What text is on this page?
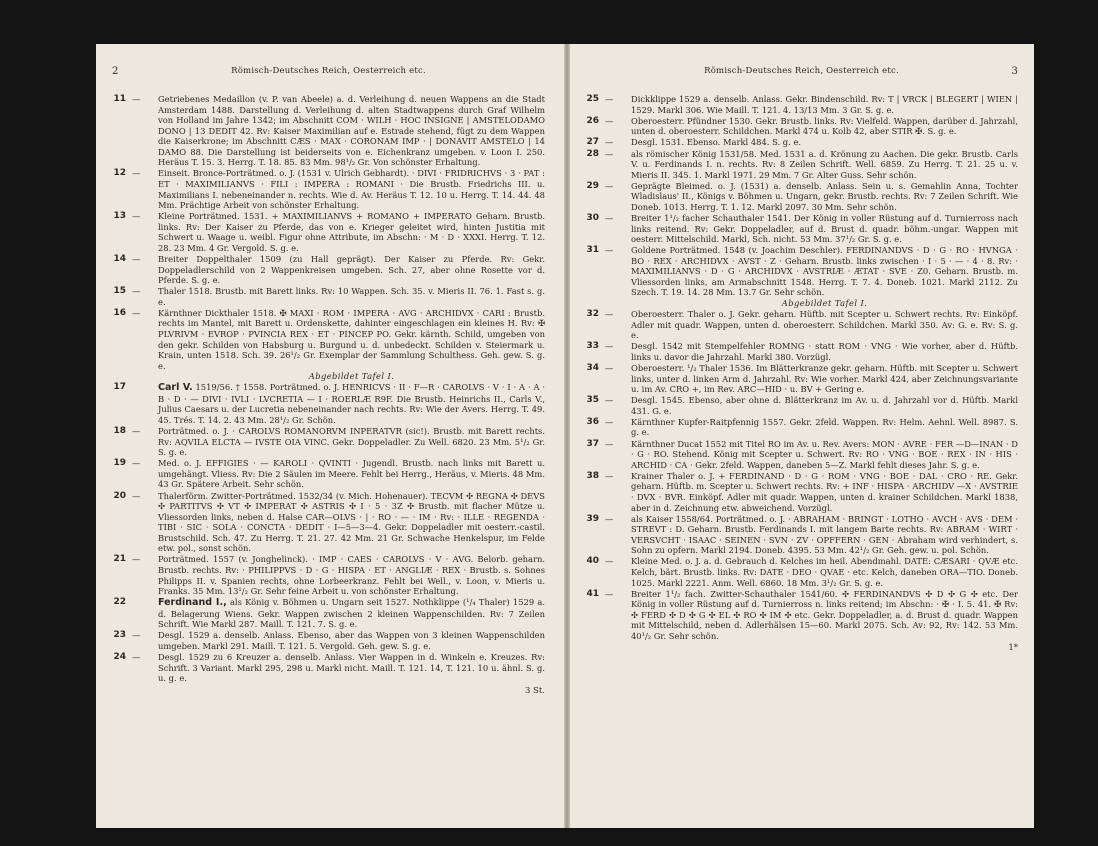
2	Römisch-Deutsches Reich, Oesterreich etc.
11 — Getriebenes Medaillon (v. P. van Abeele) a. d. Verleihung d. neuen Wappens an die Stadt Amsterdam 1488. Darstellung d. Verleihung d. alten Stadtwappens durch Graf Wilhelm von Holland im Jahre 1342; im Abschnitt COM · WILH · HOC INSIGNE | AMSTELODAMO DONO | 13 DEDIT 42. Rv: Kaiser Maximilian auf e. Estrade stehend, fügt zu dem Wappen die Kaiserkrone; im Abschnitt CÆS · MAX · CORONAM IMP · | DONAVIT AMSTELO | 14 DAMO 88. Die Darstellung ist beiderseits von e. Eichenkranz umgeben. v. Loon I. 250. Heräus T. 15. 3. Herrg. T. 18. 85. 83 Mm. 98¹/₂ Gr. Von schönster Erhaltung.
12 — Einseit. Bronce-Porträtmed. o. J. (1531 v. Ulrich Gebhardt). · DIVI · FRIDRICHVS · 3 · PAT : ET · MAXIMILIANVS · FILI : IMPERA : ROMANI · Die Brustb. Friedrichs III. u. Maximilians I. nebeneinander n. rechts. Wie d. Av. Heräus T. 12. 10 u. Herrg. T. 14. 44. 48 Mm. Prächtige Arbeit von schönster Erhaltung.
13 — Kleine Porträtmed. 1531. + MAXIMILIANVS + ROMANO + IMPERATO Geharn. Brustb. links. Rv: Der Kaiser zu Pferde, das von e. Krieger geleitet wird, hinten Justitia mit Schwert u. Waage u. weibl. Figur ohne Attribute, im Abschn: · M · D · XXXI. Herrg. T. 12. 28. 23 Mm. 4 Gr. Vergold. S. g. e.
14 — Breiter Doppelthaler 1509 (zu Hall geprägt). Der Kaiser zu Pferde. Rv: Gekr. Doppeladlerschild von 2 Wappenkreisen umgeben. Sch. 27, aber ohne Rosette vor d. Pferde. S. g. e.
15 — Thaler 1518. Brustb. mit Barett links. Rv: 10 Wappen. Sch. 35. v. Mieris II. 76. 1. Fast s. g. e.
16 — Kärnthner Dickthaler 1518. ✠ MAXI · ROM · IMPERA · AVG · ARCHIDVX · CARI : Brustb. rechts im Mantel, mit Barett u. Ordenskette, dahinter eingeschlagen ein kleines H. Rv: ✠ PLVRIVM · EVROP · PVINCIA REX · ET · PINCEP PO. Gekr. kärnth. Schild, umgeben von den gekr. Schilden von Habsburg u. Burgund u. d. unbedeckt. Schilden v. Steiermark u. Krain, unten 1518. Sch. 39. 26¹/₂ Gr. Exemplar der Sammlung Schulthess. Geh. gew. S. g. e.
Abgebildet Tafel I.
17	Carl V. 1519/56. † 1558. Porträtmed. o. J. HENRICVS · II · F—R · CAROLVS · V · I · A · A · B · D · — DIVI · IVLI · LVCRETIA — I · ROERLÆ R9F. Die Brustb. Heinrichs II., Carls V., Julius Caesars u. der Lucretia nebeneinander nach rechts. Rv: Wie der Avers. Herrg. T. 49. 45. Trés. T. 14. 2. 43 Mm. 28¹/₂ Gr. Schön.
18 — Porträtmed. o. J. · CAROLVS ROMANORVM INPERATVR (sic!). Brustb. mit Barett rechts. Rv: AQVILA ELCTA — IVSTE OIA VINC. Gekr. Doppeladler. Zu Well. 6820. 23 Mm. 5¹/₂ Gr. S. g. e.
19 — Med. o. J. EFFIGIES · — KAROLI · QVINTI · Jugendl. Brustb. nach links mit Barett u. umgehängt. Vliess. Rv: Die 2 Säulen im Meere. Fehlt bei Herrg., Heräus, v. Mieris. 48 Mm. 43 Gr. Spätere Arbeit. Sehr schön.
20 — Thalerförm. Zwitter-Porträtmed. 1532/34 (v. Mich. Hohenauer). TECVM ✣ REGNA ✣ DEVS ✣ PARTITVS ✣ VT ✣ IMPERAT ✣ ASTRIS ✣ I · 5 · 3Z ✣ Brustb. mit flacher Mütze u. Vliessorden links, neben d. Halse CAR—OLVS · | · RO · — · IM · Rv: · ILLE · REGENDA · TIBI · SIC · SOLA · CONCTA · DEDIT · I—5—3—4. Gekr. Doppeladler mit oesterr.-castil. Brustschild. Sch. 47. Zu Herrg. T. 21. 27. 42 Mm. 21 Gr. Schwache Henkelspur, im Felde etw. pol., sonst schön.
21 — Porträtmed. 1557 (v. Jonghelinck). · IMP · CAES · CAROLVS · V · AVG. Belorb. geharn. Brustb. rechts. Rv: · PHILIPPVS · D · G · HISPA · ET · ANGLIÆ · REX · Brustb. s. Sohnes Philipps II. v. Spanien rechts, ohne Lorbeerkranz. Fehlt bei Well., v. Loon, v. Mieris u. Franks. 35 Mm. 13¹/₂ Gr. Sehr feine Arbeit u. von schönster Erhaltung.
22	Ferdinand I., als König v. Böhmen u. Ungarn seit 1527. Nothklippe (¹/₄ Thaler) 1529 a. d. Belagerung Wiens. Gekr. Wappen zwischen 2 kleinen Wappenschilden. Rv: 7 Zeilen Schrift. Wie Markl 287. Maill. T. 121. 7. S. g. e.
23 — Desgl. 1529 a. denselb. Anlass. Ebenso, aber das Wappen von 3 kleinen Wappenschilden umgeben. Markl 291. Maill. T. 121. 5. Vergold. Geh. gew. S. g. e.
24 — Desgl. 1529 zu 6 Kreuzer a. denselb. Anlass. Vier Wappen in d. Winkeln e. Kreuzes. Rv: Schrift. 3 Variant. Markl 295, 298 u. Markl nicht. Maill. T. 121. 14, T. 121. 10 u. ähnl. S. g. u. g. e.
3 St.
Römisch-Deutsches Reich, Oesterreich etc.	3
25 — Dickklippe 1529 a. denselb. Anlass. Gekr. Bindenschild. Rv: T | VRCK | BLEGERT | WIEN | 1529. Markl 306. Wie Maill. T. 121. 4. 13/13 Mm. 3 Gr. S. g. e.
26 — Oberoesterr. Pfündner 1530. Gekr. Brustb. links. Rv: Vielfeld. Wappen, darüber d. Jahrzahl, unten d. oberoesterr. Schildchen. Markl 474 u. Kolb 42, aber STIR ✠. S. g. e.
27 — Desgl. 1531. Ebenso. Markl 484. S. g. e.
28 — als römischer König 1531/58. Med. 1531 a. d. Krönung zu Aachen. Die gekr. Brustb. Carls V. u. Ferdinands I. n. rechts. Rv: 8 Zeilen Schrift. Well. 6859. Zu Herrg. T. 21. 25 u. v. Mieris II. 345. 1. Markl 1971. 29 Mm. 7 Gr. Alter Guss. Sehr schön.
29 — Geprägte Bleimed. o. J. (1531) a. denselb. Anlass. Sein u. s. Gemahlin Anna, Tochter Wladislaus' II., Königs v. Böhmen u. Ungarn, gekr. Brustb. rechts. Rv: 7 Zeilen Schrift. Wie Doneb. 1013. Herrg. T. 1. 12. Markl 2097. 30 Mm. Sehr schön.
30 — Breiter 1¹/₂ facher Schauthaler 1541. Der König in voller Rüstung auf d. Turnierross nach links reitend. Rv: Gekr. Doppeladler, auf d. Brust d. quadr. böhm.-ungar. Wappen mit oesterr. Mittelschild. Markl, Sch. nicht. 53 Mm. 37¹/₂ Gr. S. g. e.
31 — Goldene Porträtmed. 1548 (v. Joachim Deschler). FERDINANDVS · D · G · RO · HVNGA · BO · REX · ARCHIDVX · AVST · Z · Geharn. Brustb. links zwischen · I · 5 · — · 4 · 8. Rv: · MAXIMILIANVS · D · G · ARCHIDVX · AVSTRIÆ · ÆTAT · SVE · Z0. Geharn. Brustb. m. Vliessorden links, am Armabschnitt 1548. Herrg. T. 7. 4. Doneb. 1021. Markl 2112. Zu Szech. T. 19. 14. 28 Mm. 13.7 Gr. Sehr schön.
Abgebildet Tafel I.
32 — Oberoesterr. Thaler o. J. Gekr. geharn. Hüftb. mit Scepter u. Schwert rechts. Rv: Einköpf. Adler mit quadr. Wappen, unten d. oberoesterr. Schildchen. Markl 350. Av: G. e. Rv: S. g. e.
33 — Desgl. 1542 mit Stempelfehler ROMNG · statt ROM · VNG · Wie vorher, aber d. Hüftb. links u. davor die Jahrzahl. Markl 380. Vorzügl.
34 — Oberoesterr. ¹/₂ Thaler 1536. Im Blätterkranze gekr. geharn. Hüftb. mit Scepter u. Schwert links, unter d. linken Arm d. Jahrzahl. Rv: Wie vorher. Markl 424, aber Zeichnungsvariante u. im Av. CRO +, im Rev. ARC—HID · u. BV + Gering e.
35 — Desgl. 1545. Ebenso, aber ohne d. Blätterkranz im Av. u. d. Jahrzahl vor d. Hüftb. Markl 431. G. e.
36 — Kärnthner Kupfer-Raitpfennig 1557. Gekr. 2feld. Wappen. Rv: Helm. Aehnl. Well. 8987. S. g. e.
37 — Kärnthner Ducat 1552 mit Titel RO im Av. u. Rev. Avers: MON · AVRE · FER —D—INAN · D · G · RO. Stehend. König mit Scepter u. Schwert. Rv: RO · VNG · BOE · REX · IN · HIS · ARCHID · CA · Gekr. 2feld. Wappen, daneben 5—Z. Markl fehlt dieses Jahr. S. g. e.
38 — Krainer Thaler o. J. + FERDINAND · D · G · ROM · VNG · BOE · DAL · CRO · RE. Gekr. geharn. Hüftb. m. Scepter u. Schwert rechts. Rv: + INF · HISPA · ARCHIDV —X · AVSTRIE · DVX · BVR. Einköpf. Adler mit quadr. Wappen, unten d. krainer Schildchen. Markl 1838, aber in d. Zeichnung etw. abweichend. Vorzügl.
39 — als Kaiser 1558/64. Porträtmed. o. J. · ABRAHAM · BRINGT · LOTHO · AVCH · AVS · DEM · STREVT : D. Geharn. Brustb. Ferdinands I. mit langem Barte rechts. Rv: ABRAM · WIRT · VERSVCHT · ISAAC · SEINEN · SVN · ZV · OPFFERN · GEN · Abraham wird verhindert, s. Sohn zu opfern. Markl 2194. Doneb. 4395. 53 Mm. 42¹/₂ Gr. Geh. gew. u. pol. Schön.
40 — Kleine Med. o. J. a. d. Gebrauch d. Kelches im heil. Abendmahl. DATE: CÆSARI · QVÆ etc. Kelch, bärt. Brustb. links. Rv: DATE · DEO · QVAE · etc. Kelch, daneben ORA—TIO. Doneb. 1025. Markl 2221. Anm. Well. 6860. 18 Mm. 3¹/₂ Gr. S. g. e.
41 — Breiter 1¹/₂ fach. Zwitter-Schauthaler 1541/60. ✣ FERDINANDVS ✣ D ✣ G ✣ etc. Der König in voller Rüstung auf d. Turnierross n. links reitend; im Abschn: · ✠ · I. 5. 41. ✠ Rv: ✣ FERD ✣ D ✣ G ✣ EL ✣ RO ✣ IM ✣ etc. Gekr. Doppeladler, a. d. Brust d. quadr. Wappen mit Mittelschild, neben d. Adlerhälsen 15—60. Markl 2075. Sch. Av: 92, Rv: 142. 53 Mm. 40¹/₂ Gr. Sehr schön.
1*
